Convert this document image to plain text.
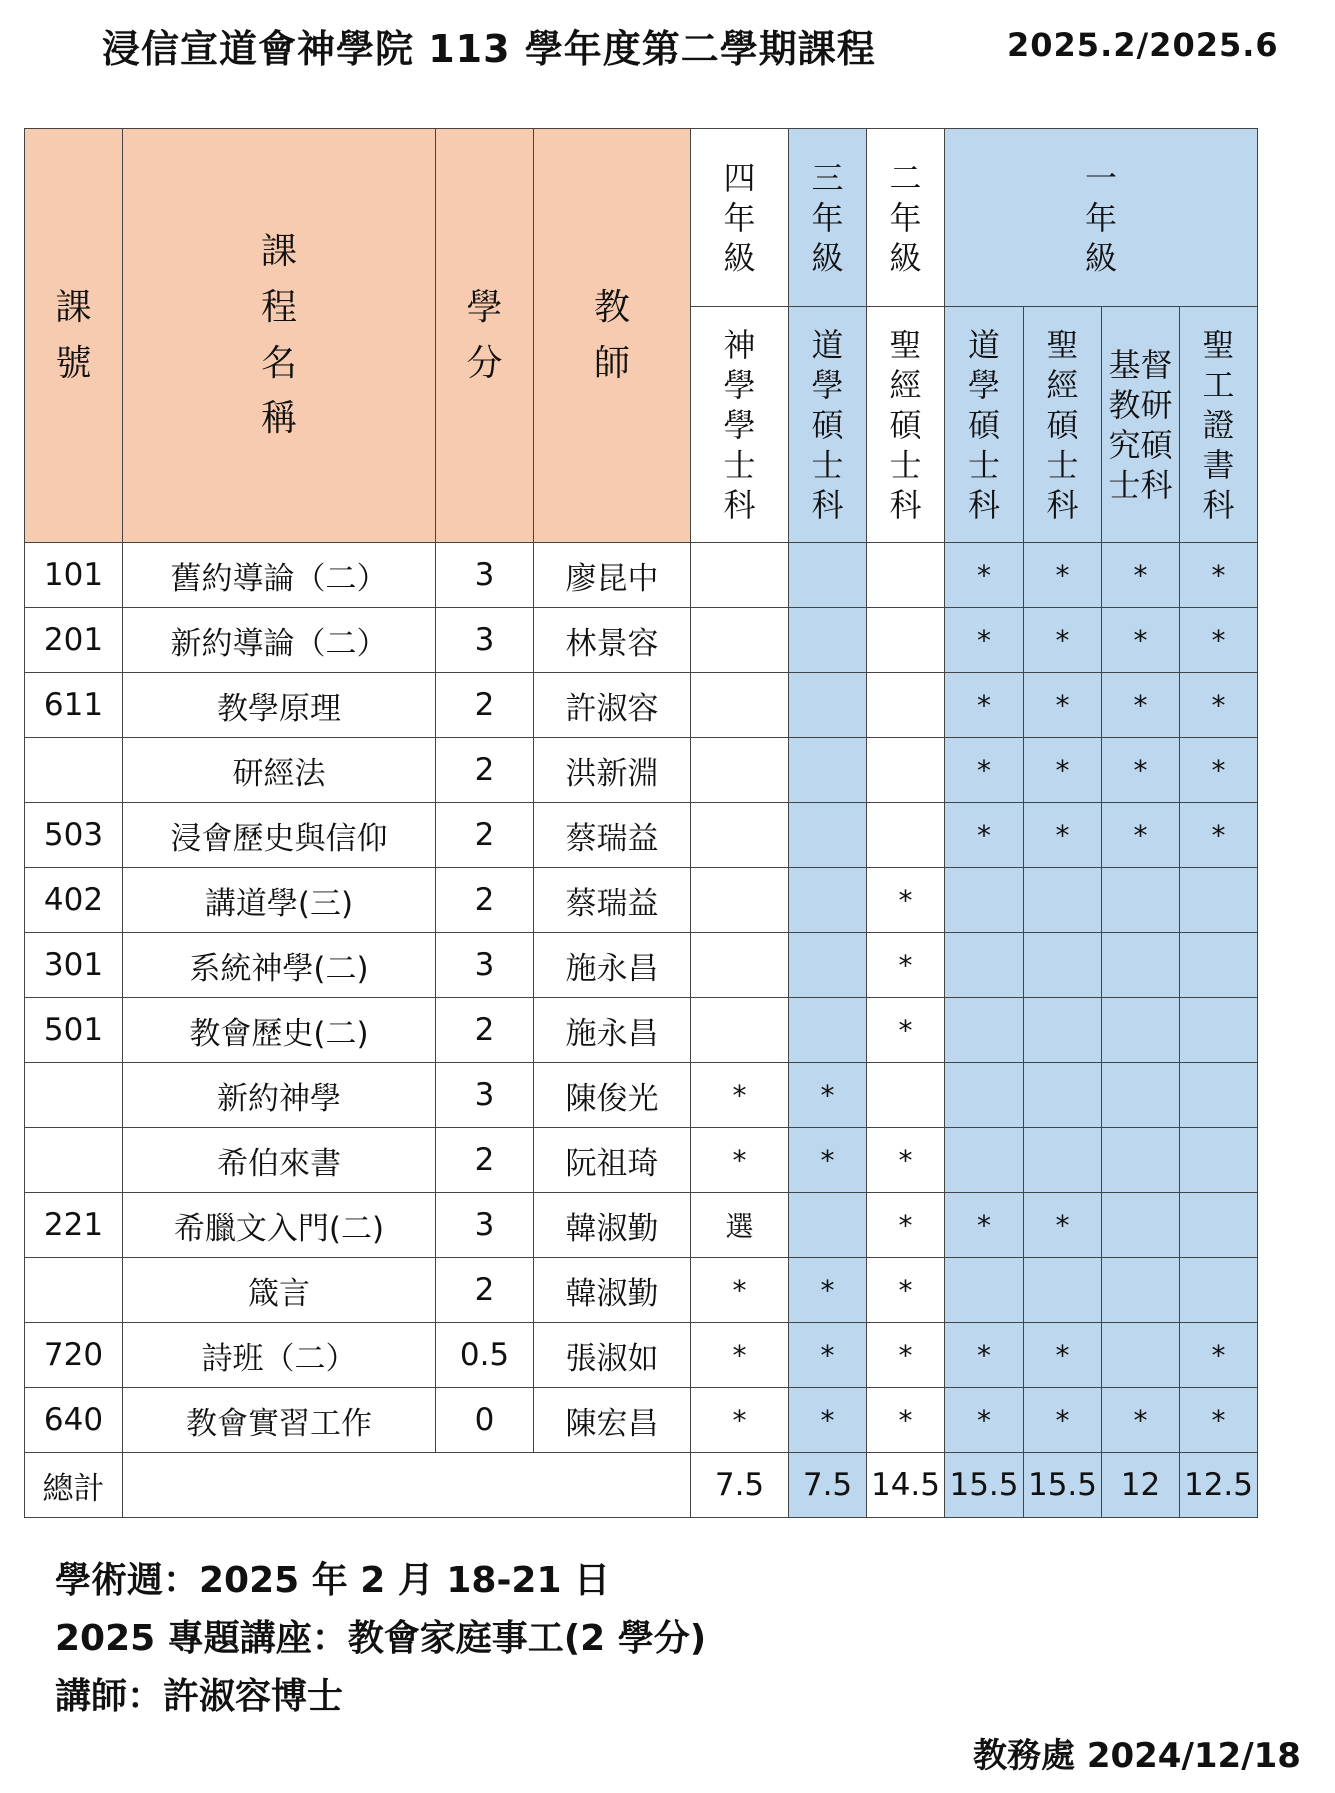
浸信宣道會神學院 113 學年度第二學期課程	2025.2/2025.6
課號	課程名稱	學分	教師	四年級	三年級	二年級	一年級			
				神學學士科	道學碩士科	聖經碩士科	道學碩士科	聖經碩士科	基督教研究碩士科	聖工證書科
101	舊約導論（二）	3	廖昆中				*	*	*	*
201	新約導論（二）	3	林景容				*	*	*	*
611	教學原理	2	許淑容				*	*	*	*
	研經法	2	洪新淵				*	*	*	*
503	浸會歷史與信仰	2	蔡瑞益				*	*	*	*
402	講道學(三)	2	蔡瑞益			*				
301	系統神學(二)	3	施永昌			*				
501	教會歷史(二)	2	施永昌			*				
	新約神學	3	陳俊光	*	*					
	希伯來書	2	阮祖琦	*	*	*				
221	希臘文入門(二)	3	韓淑勤	選		*	*	*		
	箴言	2	韓淑勤	*	*	*				
720	詩班（二）	0.5	張淑如	*	*	*	*	*		*
640	教會實習工作	0	陳宏昌	*	*	*	*	*	*	*
總計				7.5	7.5	14.5	15.5	15.5	12	12.5
學術週：2025 年 2 月 18-21 日
2025 專題講座：教會家庭事工(2 學分)
講師：許淑容博士
教務處 2024/12/18
